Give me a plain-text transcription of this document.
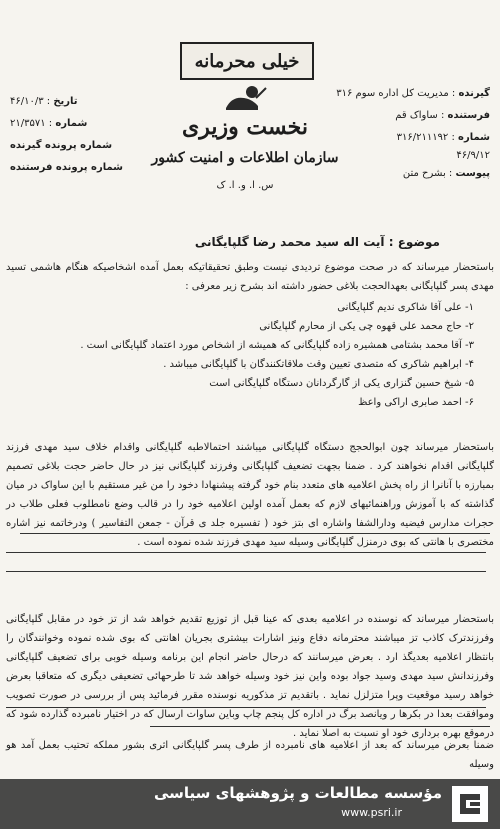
خیلی محرمانه
نخست وزیری
سازمان اطلاعات و امنیت کشور
س. ا. و. ا. ک
گیرنده : مدیریت کل اداره سوم ۳۱۶
فرستنده : ساواک قم
شماره : ۳۱۶/۲۱۱۱۹۲
۴۶/۹/۱۲
پیوست : بشرح متن
تاریخ : ۴۶/۱۰/۳
شماره : ۲۱/۳۵۷۱
شماره پرونده گیرنده
شماره پرونده فرستنده
موضوع : آیت اله سید محمد رضا گلپایگانی
باستحضار میرساند که در صحت موضوع تردیدی نیست وطبق تحقیقاتیکه بعمل آمده اشخاصیکه هنگام هاشمی تسید مهدی پسر گلپایگانی بعهدالحجت بلاغی حضور داشته اند بشرح زیر معرفی :
۱- علی آقا شاکری ندیم گلپایگانی
۲- حاج محمد علی قهوه چی یکی از محارم گلپایگانی
۳- آقا محمد بشتامی همشیره زاده گلپایگانی که همیشه از اشخاص مورد اعتماد گلپایگانی است .
۴- ابراهیم شاکری که متصدی تعیین وقت ملاقاتکنندگان با گلپایگانی میباشد .
۵- شیخ حسین گنزاری یکی از گارگردانان دستگاه گلپایگانی است
۶- احمد صابری اراکی واعظ
باستحضار میرساند چون ابوالحجج دستگاه گلپایگانی میباشند احتمالاطبه گلپایگانی واقدام خلاف سید مهدی فرزند گلپایگانی اقدام نخواهند کرد . ضمنا بجهت تضعیف گلپایگانی وفرزند گلپایگانی نیز در حال حاضر حجت بلاغی تصمیم بمبارزه با آنانرا از راه پخش اعلامیه های متعدد بنام خود گرفته پیشنهادا دخود را من غیر مستقیم با این ساواک در میان گذاشته که با آموزش وراهنمائیهای لازم که بعمل آمده اولین اعلامیه خود را در قالب وضع نامطلوب فعلی طلاب در حجرات مدارس فیضیه ودارالشفا واشاره ای بتز خود ( تفسیره جلد ی قرآن - جمعن التفاسیر ) ودرخاتمه نیز اشاره مختصری با هانتی که بوی درمنزل گلپایگانی وسیله سید مهدی فرزند شده نموده است .
باستحضار میرساند که نوسنده در اعلامیه بعدی که عینا قبل از توزیع تقدیم خواهد شد از تز خود در مقابل گلپایگانی وفرزندترک کاذب تز میباشند محترمانه دفاع ونیز اشارات بیشتری بجریان اهانتی که بوی شده نموده وخوانندگان را بانتظار اعلامیه بعدیگذ ارد . بعرض میرسانند که درحال حاضر انجام این برنامه وسیله خوبی برای تضعیف گلپایگانی وفرزندانش سید مهدی وسید جواد بوده واین نیز خود وسیله خواهد شد تا طرحهائی تضعیفی دیگری که متعاقبا بعرض خواهد رسید موقعیت وپرا متزلزل نماید . باتقدیم تز مذکوریه نوسنده مقرر فرمائید پس از بررسی در صورت تصویب وموافقت بعدا در بکرها ر ویانصد برگ در اداره کل پنجم چاپ وباین ساوات ارسال که در اختیار نامبرده گذارده شود که درموقع بهره برداری خود او نسبت به اصلا نماید .
ضمنا بعرض میرساند که بعد از اعلامیه های نامبرده از طرف پسر گلپایگانی اثری بشور مملکه تحتیب بعمل آمد هو وسیله
مؤسسه مطالعات و پژوهشهای سیاسی
www.psri.ir
